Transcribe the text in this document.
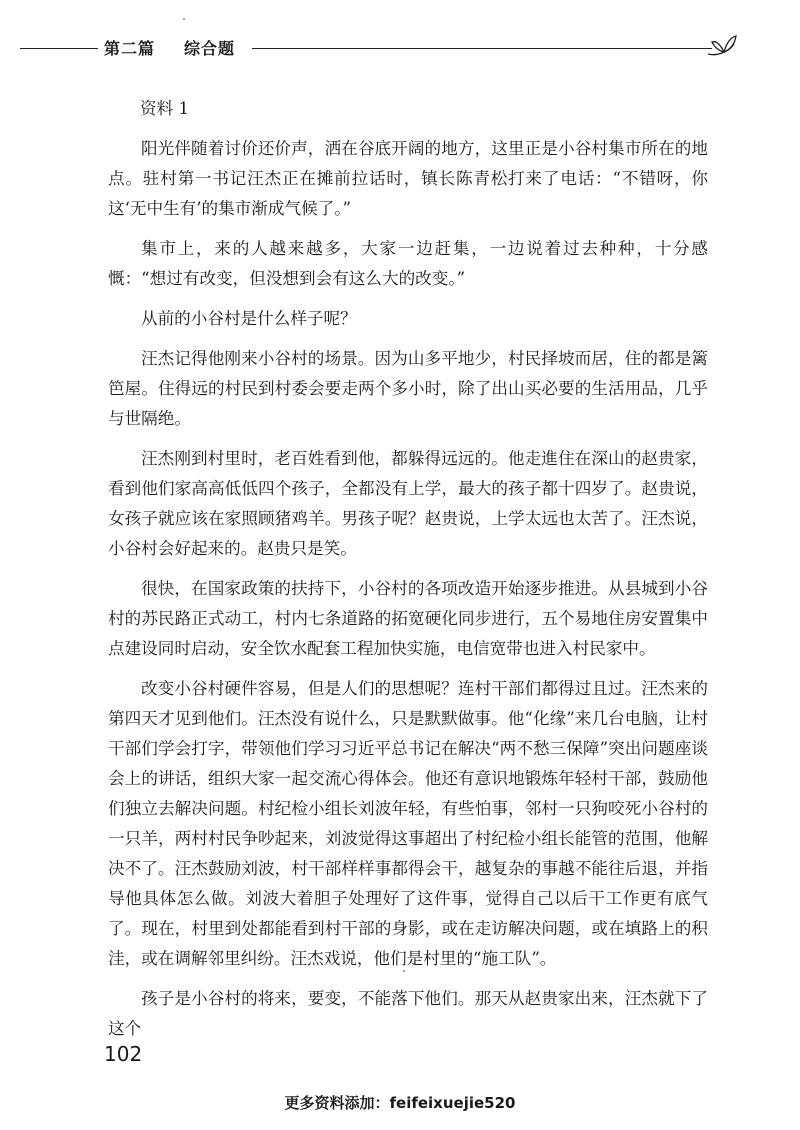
第二篇 综合题
资料 1

阳光伴随着讨价还价声，洒在谷底开阔的地方，这里正是小谷村集市所在的地点。驻村第一书记汪杰正在摊前拉话时，镇长陈青松打来了电话：“不错呀，你这‘无中生有’的集市渐成气候了。”

集市上，来的人越来越多，大家一边赶集，一边说着过去种种，十分感慨：“想过有改变，但没想到会有这么大的改变。”

从前的小谷村是什么样子呢？

汪杰记得他刚来小谷村的场景。因为山多平地少，村民择坡而居，住的都是篱笆屋。住得远的村民到村委会要走两个多小时，除了出山买必要的生活用品，几乎与世隔绝。

汪杰刚到村里时，老百姓看到他，都躲得远远的。他走進住在深山的赵贵家，看到他们家高高低低四个孩子，全都没有上学，最大的孩子都十四岁了。赵贵说，女孩子就应该在家照顾猪鸡羊。男孩子呢？赵贵说，上学太远也太苦了。汪杰说，小谷村会好起来的。赵贵只是笑。

很快，在国家政策的扶持下，小谷村的各项改造开始逐步推进。从县城到小谷村的苏民路正式动工，村内七条道路的拓宽硬化同步进行，五个易地住房安置集中点建设同时启动，安全饮水配套工程加快实施，电信宽带也进入村民家中。

改变小谷村硬件容易，但是人们的思想呢？连村干部们都得过且过。汪杰来的第四天才见到他们。汪杰没有说什么，只是默默做事。他“化缘”来几台电脑，让村干部们学会打字，带领他们学习习近平总书记在解决“两不愁三保障”突出问题座谈会上的讲话，组织大家一起交流心得体会。他还有意识地锻炼年轻村干部，鼓励他们独立去解决问题。村纪检小组长刘波年轻，有些怕事，邻村一只狗咬死小谷村的一只羊，两村村民争吵起来，刘波觉得这事超出了村纪检小组长能管的范围，他解决不了。汪杰鼓励刘波，村干部样样事都得会干，越复杂的事越不能往后退，并指导他具体怎么做。刘波大着胆子处理好了这件事，觉得自己以后干工作更有底气了。现在，村里到处都能看到村干部的身影，或在走访解决问题，或在填路上的积洼，或在调解邻里纠纷。汪杰戏说，他们是村里的“施工队”。

孩子是小谷村的将来，要变，不能落下他们。那天从赵贵家出来，汪杰就下了这个

102
更多资料添加：feifeixuejie520
